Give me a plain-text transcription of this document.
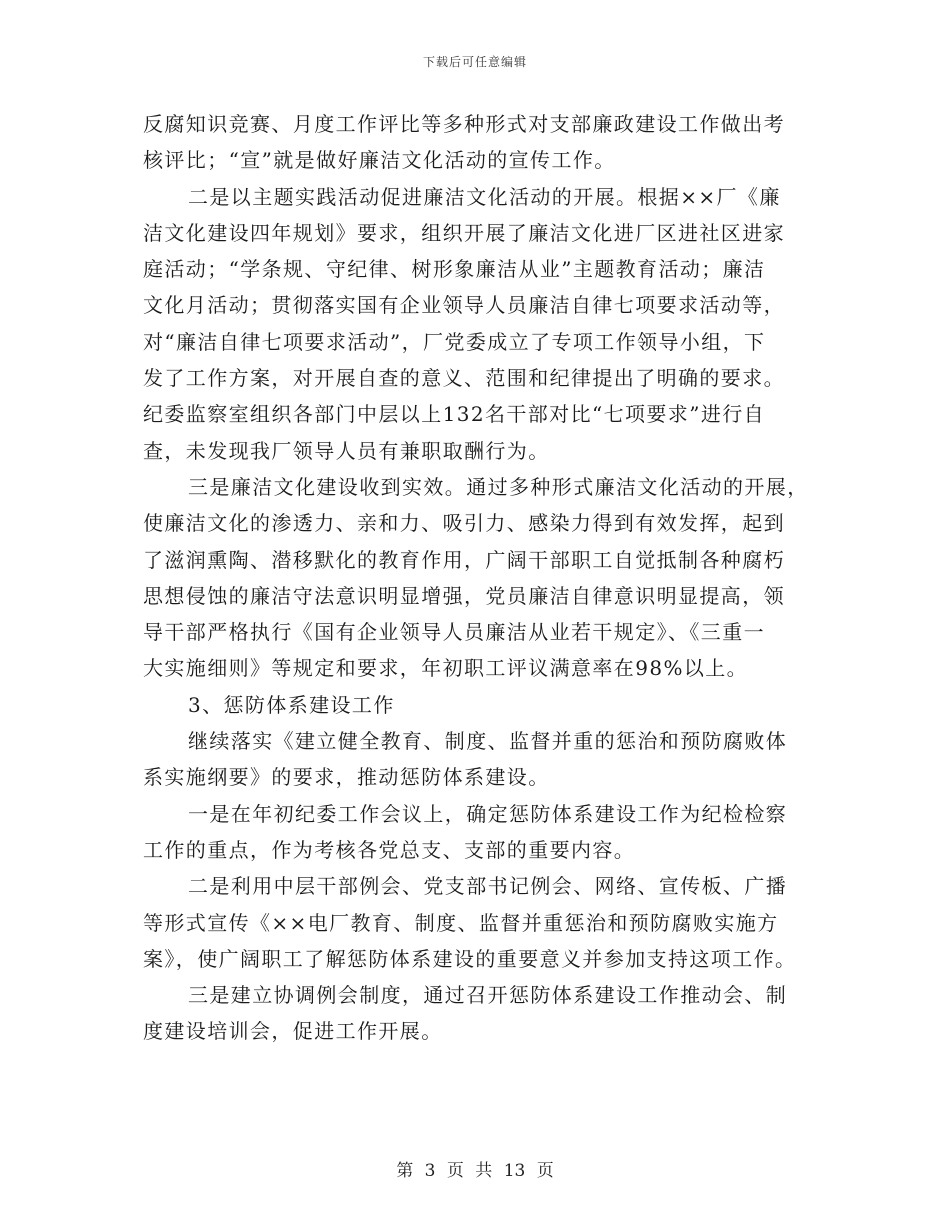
下载后可任意编辑
反腐知识竞赛、月度工作评比等多种形式对支部廉政建设工作做出考
核评比；“宣”就是做好廉洁文化活动的宣传工作。
二是以主题实践活动促进廉洁文化活动的开展。根据××厂《廉
洁文化建设四年规划》要求，组织开展了廉洁文化进厂区进社区进家
庭活动；“学条规、守纪律、树形象廉洁从业”主题教育活动；廉洁
文化月活动；贯彻落实国有企业领导人员廉洁自律七项要求活动等，
对“廉洁自律七项要求活动”，厂党委成立了专项工作领导小组，下
发了工作方案，对开展自查的意义、范围和纪律提出了明确的要求。
纪委监察室组织各部门中层以上132名干部对比“七项要求”进行自
查，未发现我厂领导人员有兼职取酬行为。
三是廉洁文化建设收到实效。通过多种形式廉洁文化活动的开展，
使廉洁文化的渗透力、亲和力、吸引力、感染力得到有效发挥，起到
了滋润熏陶、潜移默化的教育作用，广阔干部职工自觉抵制各种腐朽
思想侵蚀的廉洁守法意识明显增强，党员廉洁自律意识明显提高，领
导干部严格执行《国有企业领导人员廉洁从业若干规定》、《三重一
大实施细则》等规定和要求，年初职工评议满意率在98%以上。
3、惩防体系建设工作
继续落实《建立健全教育、制度、监督并重的惩治和预防腐败体
系实施纲要》的要求，推动惩防体系建设。
一是在年初纪委工作会议上，确定惩防体系建设工作为纪检检察
工作的重点，作为考核各党总支、支部的重要内容。
二是利用中层干部例会、党支部书记例会、网络、宣传板、广播
等形式宣传《××电厂教育、制度、监督并重惩治和预防腐败实施方
案》，使广阔职工了解惩防体系建设的重要意义并参加支持这项工作。
三是建立协调例会制度，通过召开惩防体系建设工作推动会、制
度建设培训会，促进工作开展。
第 3 页 共 13 页
